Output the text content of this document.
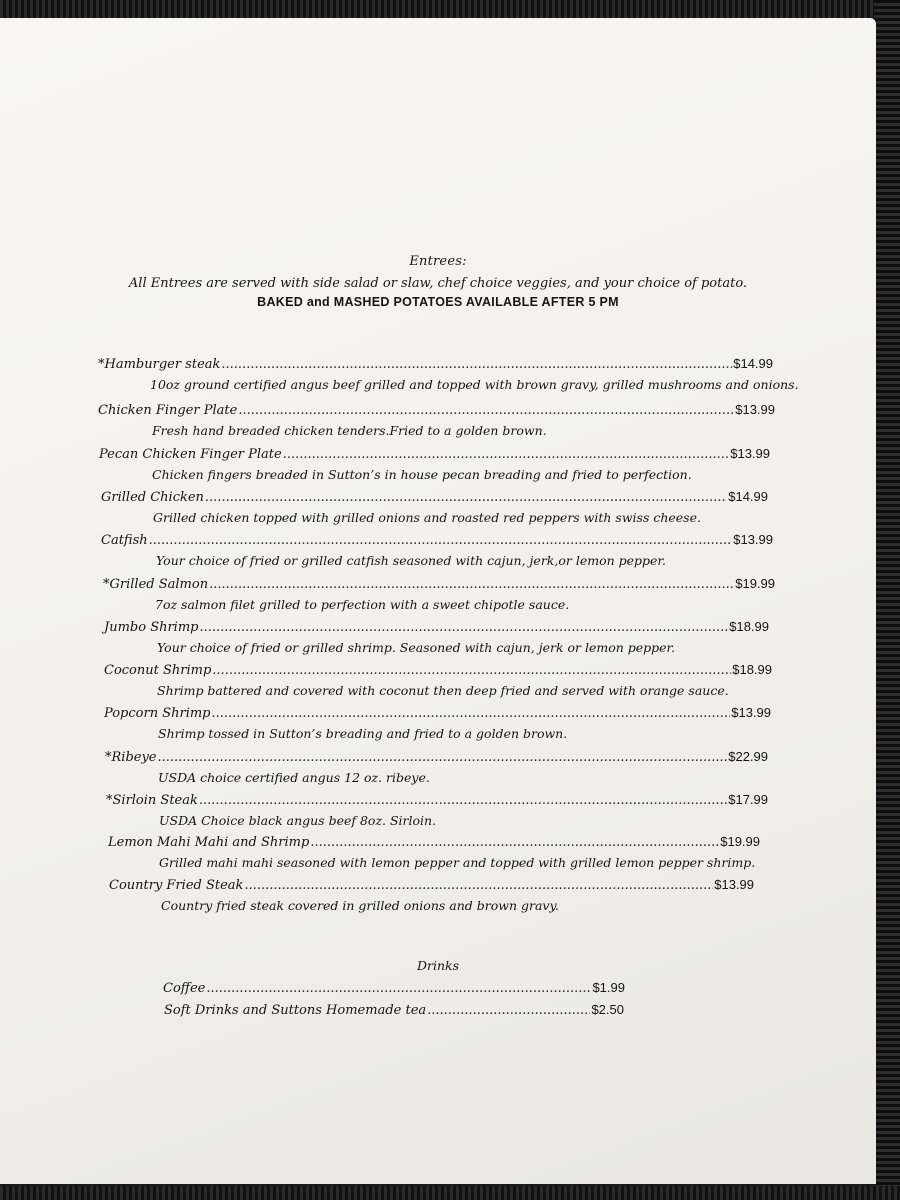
Entrees:
All Entrees are served with side salad or slaw, chef choice veggies, and your choice of potato.
BAKED and MASHED POTATOES AVAILABLE AFTER 5 PM
*Hamburger steak .....	$14.99
10oz ground certified angus beef grilled and topped with brown gravy, grilled mushrooms and onions.
Chicken Finger Plate .....	$13.99
Fresh hand breaded chicken tenders.Fried to a golden brown.
Pecan Chicken Finger Plate .....	$13.99
Chicken fingers breaded in Sutton’s in house pecan breading and fried to perfection.
Grilled Chicken .....	$14.99
Grilled chicken topped with grilled onions and roasted red peppers with swiss cheese.
Catfish .....	$13.99
Your choice of fried or grilled catfish seasoned with cajun, jerk,or lemon pepper.
*Grilled Salmon .....	$19.99
7oz salmon filet grilled to perfection with a sweet chipotle sauce.
Jumbo Shrimp .....	$18.99
Your choice of fried or grilled shrimp. Seasoned with cajun, jerk or lemon pepper.
Coconut Shrimp .....	$18.99
Shrimp battered and covered with coconut then deep fried and served with orange sauce.
Popcorn Shrimp .....	$13.99
Shrimp tossed in Sutton’s breading and fried to a golden brown.
*Ribeye .....	$22.99
USDA choice certified angus 12 oz. ribeye.
*Sirloin Steak .....	$17.99
USDA Choice black angus beef 8oz. Sirloin.
Lemon Mahi Mahi and Shrimp .....	$19.99
Grilled mahi mahi seasoned with lemon pepper and topped with grilled lemon pepper shrimp.
Country Fried Steak .....	$13.99
Country fried steak covered in grilled onions and brown gravy.
Drinks
Coffee .....	$1.99
Soft Drinks and Suttons Homemade tea .....	$2.50
